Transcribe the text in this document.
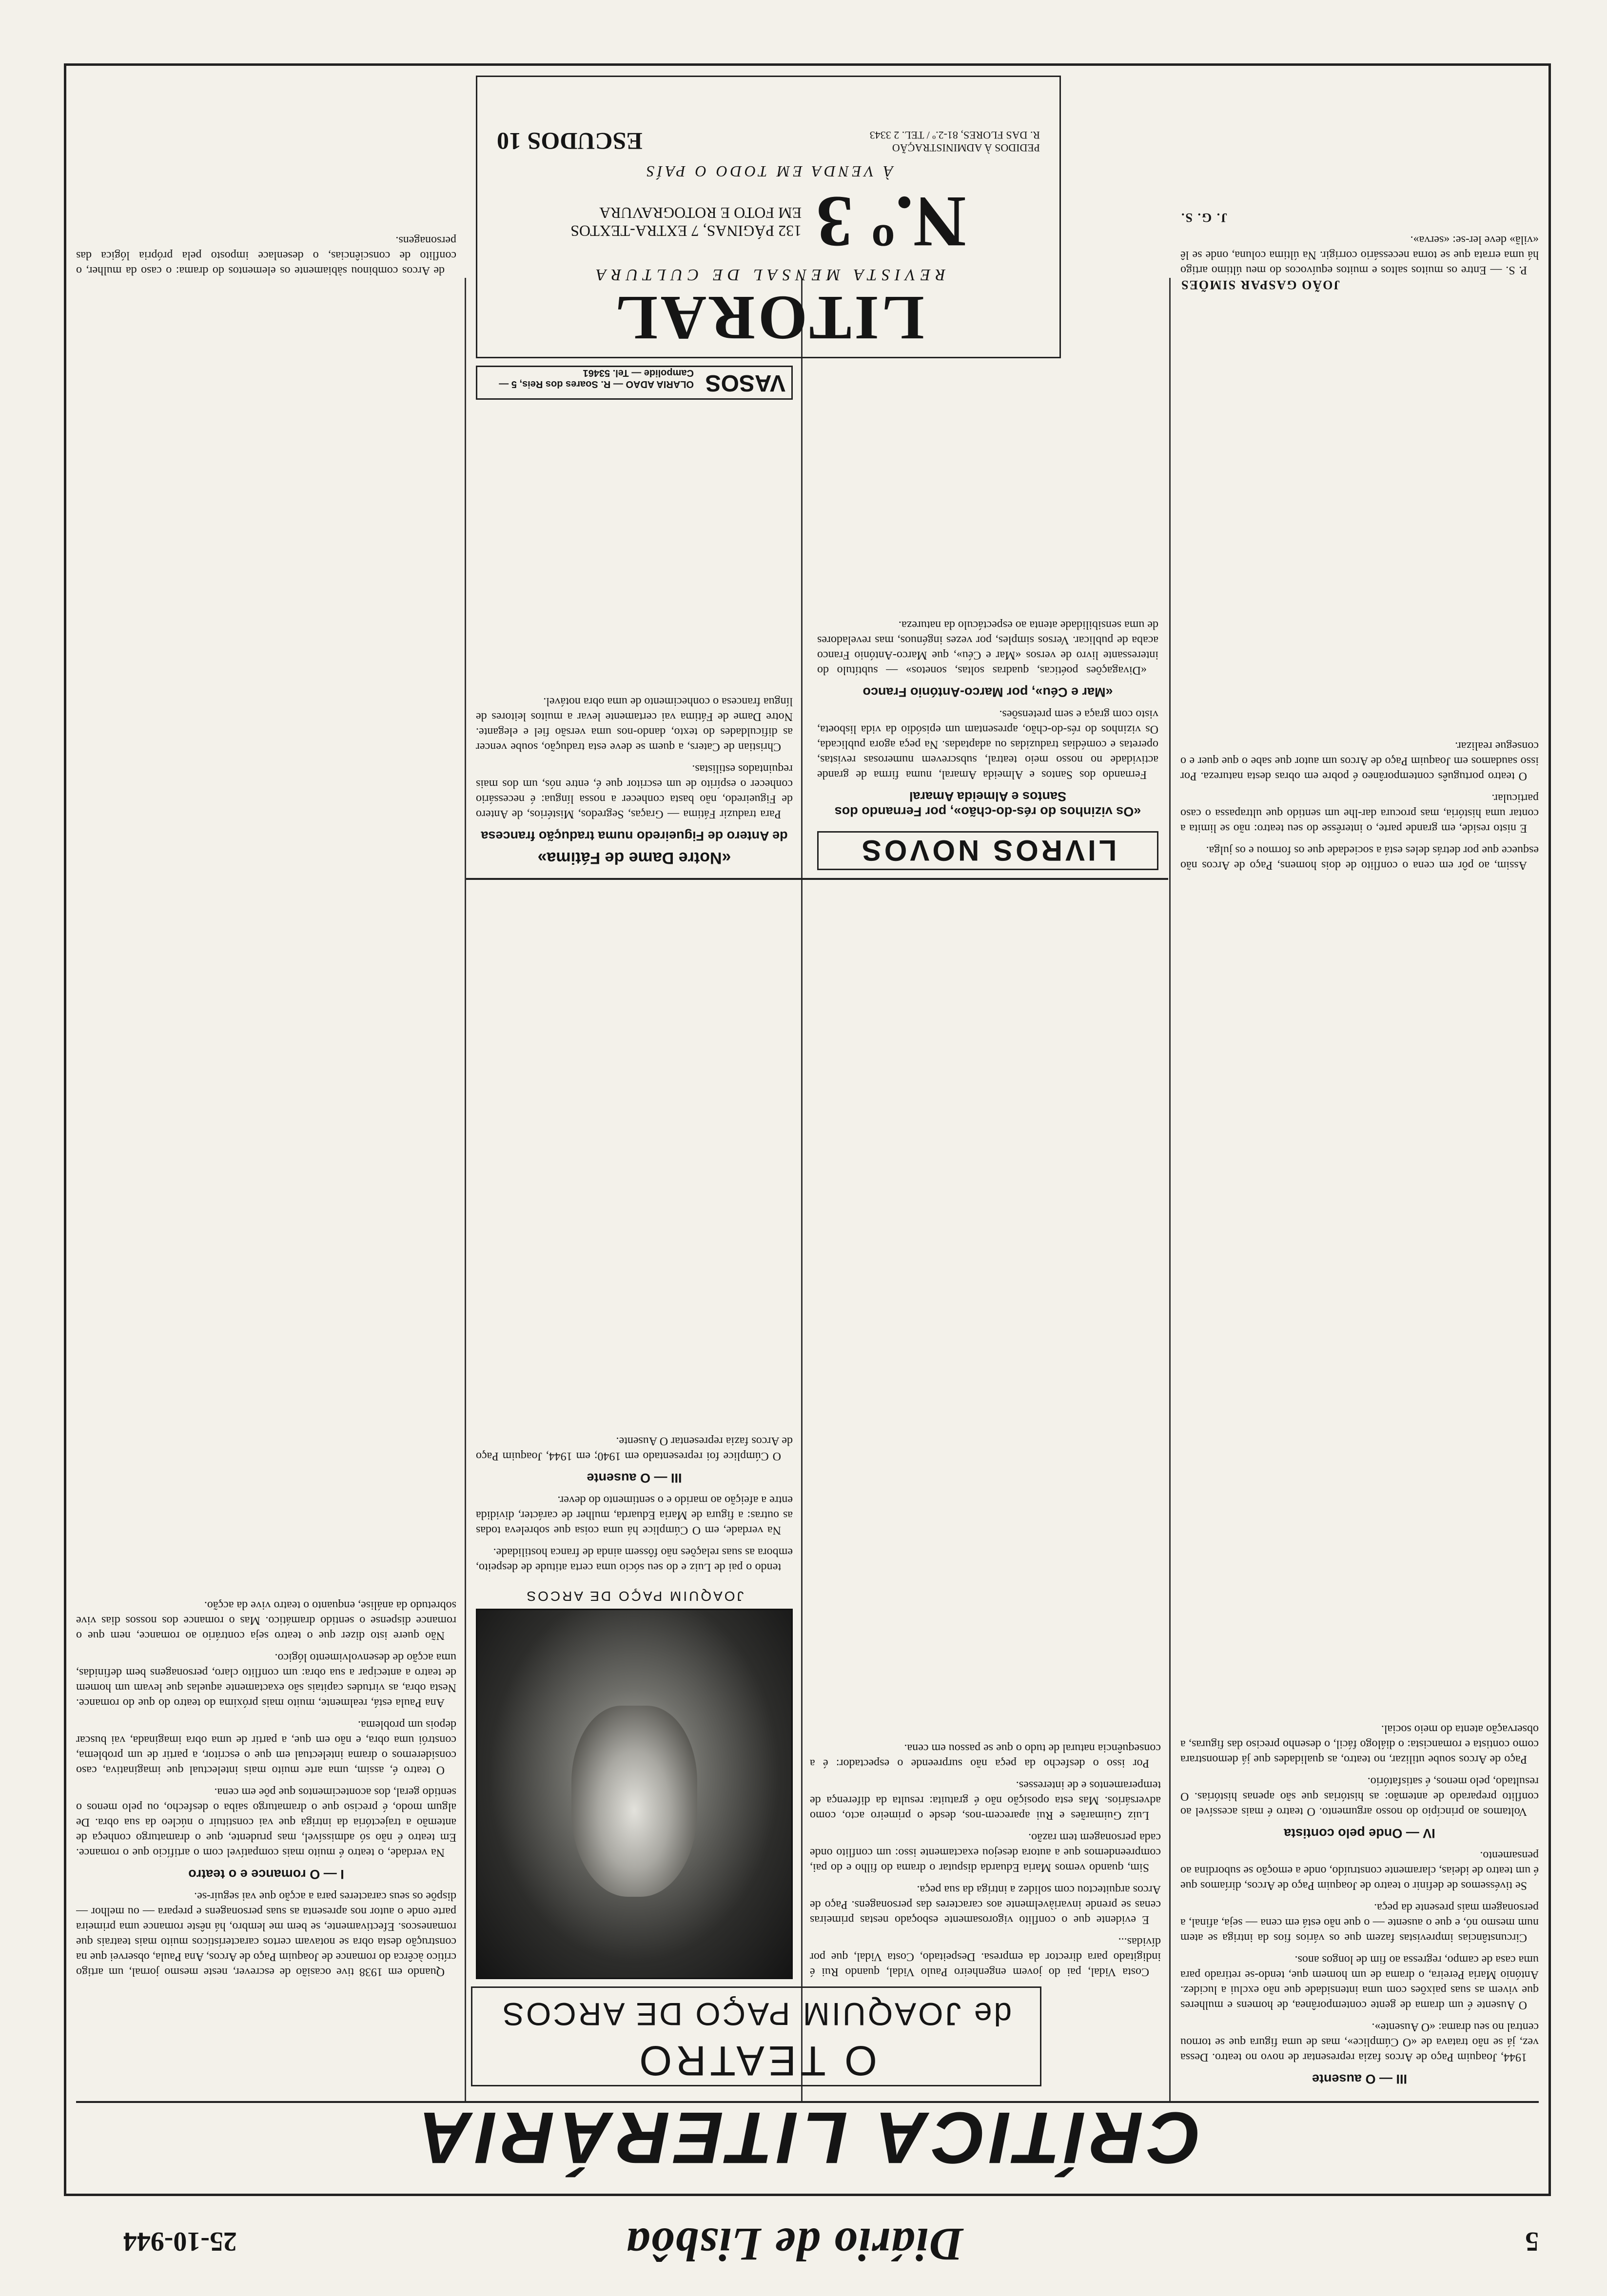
5
Diário de Lisbôa
25-10-944
CRÍTICA LITERÁRIA
O TEATRO
de JOAQUIM PAÇO DE ARCOS
III — O ausente

1944, Joaquim Paço de Arcos fazia representar de novo no teatro. Dessa vez, já se não tratava de «O Cúmplice», mas de uma figura que se tornou central no seu drama: «O Ausente».

O Ausente é um drama de gente contemporânea, de homens e mulheres que vivem as suas paixões com uma intensidade que não exclui a lucidez. António Maria Pereira, o drama de um homem que, tendo-se retirado para uma casa de campo, regressa ao fim de longos anos.

Circunstâncias imprevistas fazem que os vários fios da intriga se atem num mesmo nó, e que o ausente — o que não está em cena — seja, afinal, a personagem mais presente da peça.

Se tivéssemos de definir o teatro de Joaquim Paço de Arcos, diríamos que é um teatro de ideias, claramente construído, onde a emoção se subordina ao pensamento.

IV — Onde pelo contista

Voltamos ao princípio do nosso argumento. O teatro é mais acessível ao conflito preparado de antemão: as histórias que são apenas histórias. O resultado, pelo menos, é satisfatório.

Paço de Arcos soube utilizar, no teatro, as qualidades que já demonstrara como contista e romancista: o diálogo fácil, o desenho preciso das figuras, a observação atenta do meio social.

Costa Vidal, pai do jovem engenheiro Paulo Vidal, quando Rui é indigitado para director da empresa. Despeitado, Costa Vidal, que por dívidas...

E evidente que o conflito vigorosamente esboçado nestas primeiras cenas se prende invariàvelmente aos caracteres das personagens. Paço de Arcos arquitectou com solidez a intriga da sua peça.

Sim, quando vemos Maria Eduarda disputar o drama do filho e do pai, compreendemos que a autora desejou exactamente isso: um conflito onde cada personagem tem razão.

Luiz Guimarães e Rui aparecem-nos, desde o primeiro acto, como adversários. Mas esta oposição não é gratuita: resulta da diferença de temperamentos e de interesses.

Por isso o desfecho da peça não surpreende o espectador: é a consequência natural de tudo o que se passou em cena.

JOAQUIM PAÇO DE ARCOS

tendo o pai de Luiz e do seu sócio uma certa atitude de despeito, embora as suas relações não fôssem ainda de franca hostilidade.

Na verdade, em O Cúmplice há uma coisa que sobreleva todas as outras: a figura de Maria Eduarda, mulher de carácter, dividida entre a afeição ao marido e o sentimento do dever.

III — O ausente

O Cúmplice foi representado em 1940; em 1944, Joaquim Paço de Arcos fazia representar O Ausente.

Quando em 1938 tive ocasião de escrever, neste mesmo jornal, um artigo crítico àcêrca do romance de Joaquim Paço de Arcos, Ana Paula, observei que na construção desta obra se notavam certos característicos muito mais teatrais que romanescos. Efectivamente, se bem me lembro, há nêste romance uma primeira parte onde o autor nos apresenta as suas personagens e prepara — ou melhor — dispõe os seus caracteres para a acção que vai seguir-se.

I — O romance e o teatro

Na verdade, o teatro é muito mais compatível com o artifício que o romance. Em teatro é não só admissível, mas prudente, que o dramaturgo conheça de antemão a trajectória da intriga que vai constituir o núcleo da sua obra. De algum modo, é preciso que o dramaturgo saiba o desfecho, ou pelo menos o sentido geral, dos acontecimentos que põe em cena.

O teatro é, assim, uma arte muito mais intelectual que imaginativa, caso consideremos o drama intelectual em que o escritor, a partir de um problema, constrói uma obra, e não em que, a partir de uma obra imaginada, vai buscar depois um problema.

Ana Paula está, realmente, muito mais próxima do teatro do que do romance. Nesta obra, as virtudes capitais são exactamente aquelas que levam um homem de teatro a antecipar a sua obra: um conflito claro, personagens bem definidas, uma acção de desenvolvimento lógico.

Não quere isto dizer que o teatro seja contrário ao romance, nem que o romance dispense o sentido dramático. Mas o romance dos nossos dias vive sobretudo da análise, enquanto o teatro vive da acção.

LIVROS NOVOS
«Os vizinhos do rés-do-chão», por Fernando dos Santos e Almeida Amaral

Fernando dos Santos e Almeida Amaral, numa firma de grande actividade no nosso meio teatral, subscrevem numerosas revistas, operetas e comédias traduzidas ou adaptadas. Na peça agora publicada, Os vizinhos do rés-do-chão, apresentam um episódio da vida lisboeta, visto com graça e sem pretensões.

«Mar e Céu», por Marco-António Franco

«Divagações poéticas, quadras soltas, sonetos» — subtítulo do interessante livro de versos «Mar e Céu», que Marco-António Franco acaba de publicar. Versos simples, por vezes ingénuos, mas reveladores de uma sensibilidade atenta ao espectáculo da natureza.

«Notre Dame de Fátima»
de Antero de Figueiredo numa tradução francesa

Para traduzir Fátima — Graças, Segredos, Mistérios, de Antero de Figueiredo, não basta conhecer a nossa língua: é necessário conhecer o espírito de um escritor que é, entre nós, um dos mais requintados estilistas.

Christian de Caters, a quem se deve esta tradução, soube vencer as dificuldades do texto, dando-nos uma versão fiel e elegante. Notre Dame de Fátima vai certamente levar a muitos leitores de língua francesa o conhecimento de uma obra notável.

VASOS
OLARIA ADAO — R. Soares dos Reis, 5 — Campolide — Tel. 53461
LITORAL
REVISTA MENSAL DE CULTURA
N.º 3
132 PÁGINAS, 7 EXTRA-TEXTOS
EM FOTO E ROTOGRAVURA
À VENDA EM TODO O PAÍS
PEDIDOS À ADMINISTRAÇÃO
R. DAS FLORES, 81-2.º / TEL. 2 3343
ESCUDOS 10

Assim, ao pôr em cena o conflito de dois homens, Paço de Arcos não esquece que por detrás deles está a sociedade que os formou e os julga.

E nisto reside, em grande parte, o interêsse do seu teatro: não se limita a contar uma história, mas procura dar-lhe um sentido que ultrapassa o caso particular.

O teatro português contemporâneo é pobre em obras desta natureza. Por isso saudamos em Joaquim Paço de Arcos um autor que sabe o que quer e o consegue realizar.

JOÃO GASPAR SIMÕES

P. S. — Entre os muitos saltos e muitos equívocos do meu último artigo há uma errata que se torna necessário corrigir. Na última coluna, onde se lê «vilã» deve ler-se: «serva».

J. G. S.

de Arcos combinou sàbiamente os elementos do drama: o caso da mulher, o conflito de consciências, o desenlace imposto pela própria lógica das personagens.
